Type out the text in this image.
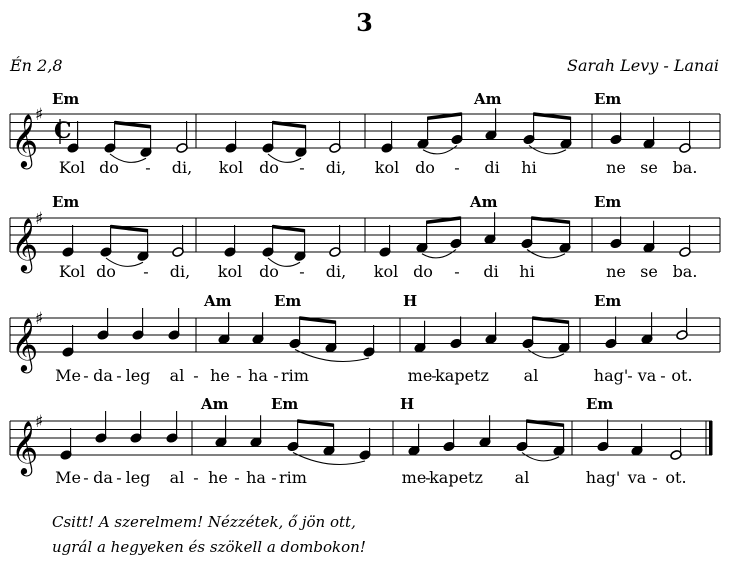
3
Én 2,8	Sarah Levy - Lanai
𝄞
♯
C
𝄞
♯
𝄞
♯
𝄞
♯
Em	Am	Em
Kol do - di, kol do - di, kol do - di hi	ne se ba.
Em	Am	Em
Kol do - di, kol do - di, kol do - di hi	ne se ba.
Am	Em	H	Em
Me - da - leg al - he - ha - rim	me
-
kapetz al	hag' - va - ot.
Am	Em	H	Em
Me - da - leg al - he - ha - rim	me
-
kapetz al	hag' va - ot.
Csitt! A szerelmem! Nézzétek, ő jön ott,
ugrál a hegyeken és szökell a dombokon!
